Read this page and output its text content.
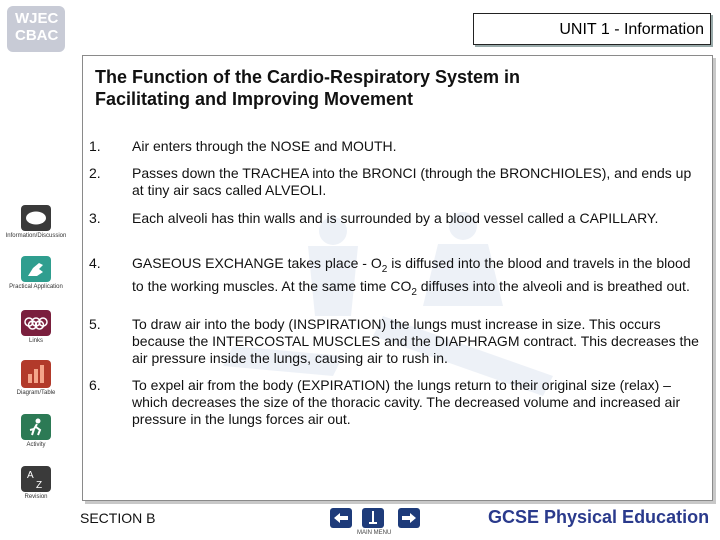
WJEC
CBAC	UNIT 1 - Information
Information/Discussion
Practical Application
Links
Diagram/Table
Activity
A
Z
Revision
The Function of the Cardio-Respiratory System in
Facilitating and Improving Movement
1.	Air enters through the NOSE and MOUTH.
2.	Passes down the TRACHEA into the BRONCI (through the BRONCHIOLES), and ends up at tiny air sacs called ALVEOLI.
3.	Each alveoli has thin walls and is surrounded by a blood vessel called a CAPILLARY.
4.	GASEOUS EXCHANGE takes place - $O_2$ is diffused into the blood and travels in the blood to the working muscles. At the same time $CO_2$ diffuses into the alveoli and is breathed out.
5.	To draw air into the body (INSPIRATION) the lungs must increase in size. This occurs because the INTERCOSTAL MUSCLES and the DIAPHRAGM contract. This decreases the air pressure inside the lungs, causing air to rush in.
6.	To expel air from the body (EXPIRATION) the lungs return to their original size (relax) – which decreases the size of the thoracic cavity. The decreased volume and increased air pressure in the lungs forces air out.
SECTION B
MAIN MENU
GCSE Physical Education
